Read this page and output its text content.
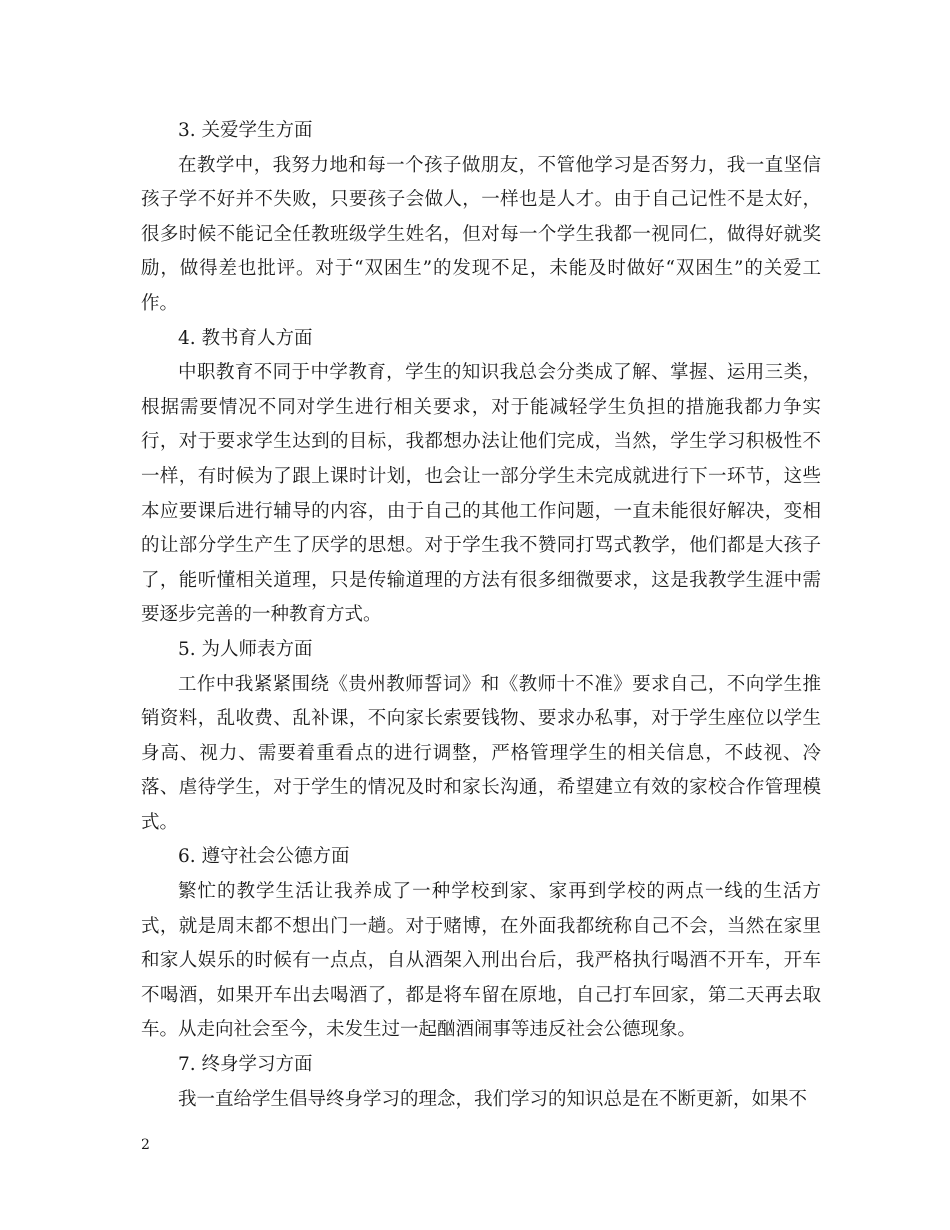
3. 关爱学生方面

在教学中，我努力地和每一个孩子做朋友，不管他学习是否努力，我一直坚信孩子学不好并不失败，只要孩子会做人，一样也是人才。由于自己记性不是太好，很多时候不能记全任教班级学生姓名，但对每一个学生我都一视同仁，做得好就奖励，做得差也批评。对于“双困生”的发现不足，未能及时做好“双困生”的关爱工作。

4. 教书育人方面

中职教育不同于中学教育，学生的知识我总会分类成了解、掌握、运用三类，根据需要情况不同对学生进行相关要求，对于能减轻学生负担的措施我都力争实行，对于要求学生达到的目标，我都想办法让他们完成，当然，学生学习积极性不一样，有时候为了跟上课时计划，也会让一部分学生未完成就进行下一环节，这些本应要课后进行辅导的内容，由于自己的其他工作问题，一直未能很好解决，变相的让部分学生产生了厌学的思想。对于学生我不赞同打骂式教学，他们都是大孩子了，能听懂相关道理，只是传输道理的方法有很多细微要求，这是我教学生涯中需要逐步完善的一种教育方式。

5. 为人师表方面

工作中我紧紧围绕《贵州教师誓词》和《教师十不准》要求自己，不向学生推销资料，乱收费、乱补课，不向家长索要钱物、要求办私事，对于学生座位以学生身高、视力、需要着重看点的进行调整，严格管理学生的相关信息，不歧视、冷落、虐待学生，对于学生的情况及时和家长沟通，希望建立有效的家校合作管理模式。

6. 遵守社会公德方面

繁忙的教学生活让我养成了一种学校到家、家再到学校的两点一线的生活方式，就是周末都不想出门一趟。对于赌博，在外面我都统称自己不会，当然在家里和家人娱乐的时候有一点点，自从酒架入刑出台后，我严格执行喝酒不开车，开车不喝酒，如果开车出去喝酒了，都是将车留在原地，自己打车回家，第二天再去取车。从走向社会至今，未发生过一起酗酒闹事等违反社会公德现象。

7. 终身学习方面

我一直给学生倡导终身学习的理念，我们学习的知识总是在不断更新，如果不

2
